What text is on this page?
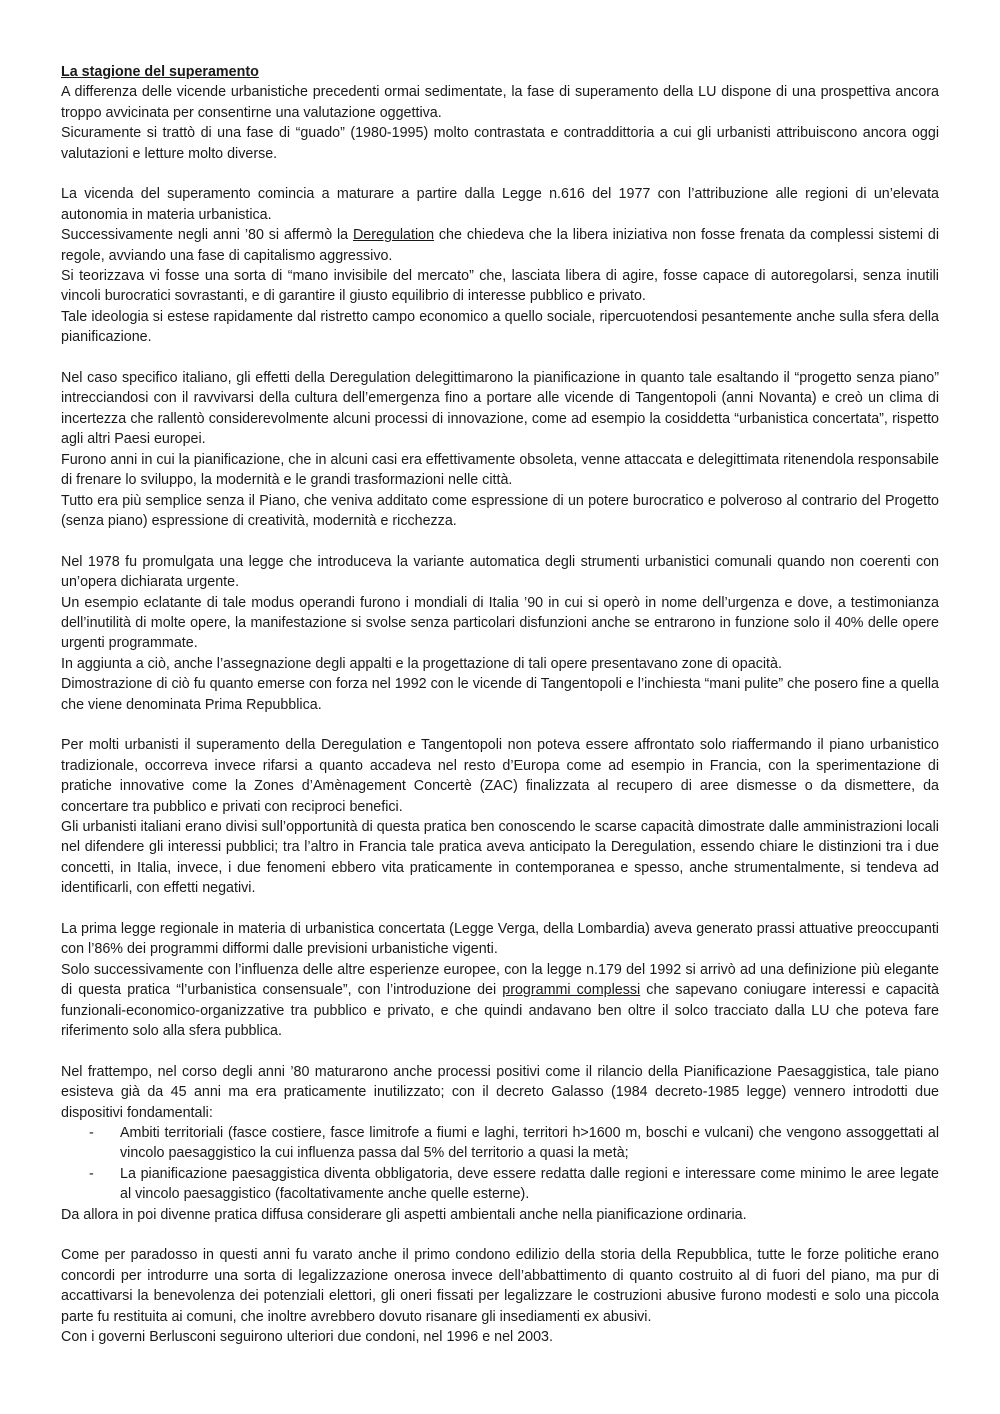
La stagione del superamento

A differenza delle vicende urbanistiche precedenti ormai sedimentate, la fase di superamento della LU dispone di una prospettiva ancora troppo avvicinata per consentirne una valutazione oggettiva.

Sicuramente si trattò di una fase di “guado” (1980-1995) molto contrastata e contraddittoria a cui gli urbanisti attribuiscono ancora oggi valutazioni e letture molto diverse.

La vicenda del superamento comincia a maturare a partire dalla Legge n.616 del 1977 con l’attribuzione alle regioni di un’elevata autonomia in materia urbanistica.

Successivamente negli anni ’80 si affermò la Deregulation che chiedeva che la libera iniziativa non fosse frenata da complessi sistemi di regole, avviando una fase di capitalismo aggressivo.

Si teorizzava vi fosse una sorta di “mano invisibile del mercato” che, lasciata libera di agire, fosse capace di autoregolarsi, senza inutili vincoli burocratici sovrastanti, e di garantire il giusto equilibrio di interesse pubblico e privato.

Tale ideologia si estese rapidamente dal ristretto campo economico a quello sociale, ripercuotendosi pesantemente anche sulla sfera della pianificazione.

Nel caso specifico italiano, gli effetti della Deregulation delegittimarono la pianificazione in quanto tale esaltando il “progetto senza piano” intrecciandosi con il ravvivarsi della cultura dell’emergenza fino a portare alle vicende di Tangentopoli (anni Novanta) e creò un clima di incertezza che rallentò considerevolmente alcuni processi di innovazione, come ad esempio la cosiddetta “urbanistica concertata”, rispetto agli altri Paesi europei.

Furono anni in cui la pianificazione, che in alcuni casi era effettivamente obsoleta, venne attaccata e delegittimata ritenendola responsabile di frenare lo sviluppo, la modernità e le grandi trasformazioni nelle città.

Tutto era più semplice senza il Piano, che veniva additato come espressione di un potere burocratico e polveroso al contrario del Progetto (senza piano) espressione di creatività, modernità e ricchezza.

Nel 1978 fu promulgata una legge che introduceva la variante automatica degli strumenti urbanistici comunali quando non coerenti con un’opera dichiarata urgente.

Un esempio eclatante di tale modus operandi furono i mondiali di Italia ’90 in cui si operò in nome dell’urgenza e dove, a testimonianza dell’inutilità di molte opere, la manifestazione si svolse senza particolari disfunzioni anche se entrarono in funzione solo il 40% delle opere urgenti programmate.

In aggiunta a ciò, anche l’assegnazione degli appalti e la progettazione di tali opere presentavano zone di opacità.

Dimostrazione di ciò fu quanto emerse con forza nel 1992 con le vicende di Tangentopoli e l’inchiesta “mani pulite” che posero fine a quella che viene denominata Prima Repubblica.

Per molti urbanisti il superamento della Deregulation e Tangentopoli non poteva essere affrontato solo riaffermando il piano urbanistico tradizionale, occorreva invece rifarsi a quanto accadeva nel resto d’Europa come ad esempio in Francia, con la sperimentazione di pratiche innovative come la Zones d’Amènagement Concertè (ZAC) finalizzata al recupero di aree dismesse o da dismettere, da concertare tra pubblico e privati con reciproci benefici.

Gli urbanisti italiani erano divisi sull’opportunità di questa pratica ben conoscendo le scarse capacità dimostrate dalle amministrazioni locali nel difendere gli interessi pubblici; tra l’altro in Francia tale pratica aveva anticipato la Deregulation, essendo chiare le distinzioni tra i due concetti, in Italia, invece, i due fenomeni ebbero vita praticamente in contemporanea e spesso, anche strumentalmente, si tendeva ad identificarli, con effetti negativi.

La prima legge regionale in materia di urbanistica concertata (Legge Verga, della Lombardia) aveva generato prassi attuative preoccupanti con l’86% dei programmi difformi dalle previsioni urbanistiche vigenti.

Solo successivamente con l’influenza delle altre esperienze europee, con la legge n.179 del 1992 si arrivò ad una definizione più elegante di questa pratica “l’urbanistica consensuale”, con l’introduzione dei programmi complessi che sapevano coniugare interessi e capacità funzionali-economico-organizzative tra pubblico e privato, e che quindi andavano ben oltre il solco tracciato dalla LU che poteva fare riferimento solo alla sfera pubblica.

Nel frattempo, nel corso degli anni ’80 maturarono anche processi positivi come il rilancio della Pianificazione Paesaggistica, tale piano esisteva già da 45 anni ma era praticamente inutilizzato; con il decreto Galasso (1984 decreto-1985 legge) vennero introdotti due dispositivi fondamentali:

- Ambiti territoriali (fasce costiere, fasce limitrofe a fiumi e laghi, territori h>1600 m, boschi e vulcani) che vengono assoggettati al vincolo paesaggistico la cui influenza passa dal 5% del territorio a quasi la metà;
- La pianificazione paesaggistica diventa obbligatoria, deve essere redatta dalle regioni e interessare come minimo le aree legate al vincolo paesaggistico (facoltativamente anche quelle esterne).

Da allora in poi divenne pratica diffusa considerare gli aspetti ambientali anche nella pianificazione ordinaria.

Come per paradosso in questi anni fu varato anche il primo condono edilizio della storia della Repubblica, tutte le forze politiche erano concordi per introdurre una sorta di legalizzazione onerosa invece dell’abbattimento di quanto costruito al di fuori del piano, ma pur di accattivarsi la benevolenza dei potenziali elettori, gli oneri fissati per legalizzare le costruzioni abusive furono modesti e solo una piccola parte fu restituita ai comuni, che inoltre avrebbero dovuto risanare gli insediamenti ex abusivi.

Con i governi Berlusconi seguirono ulteriori due condoni, nel 1996 e nel 2003.
